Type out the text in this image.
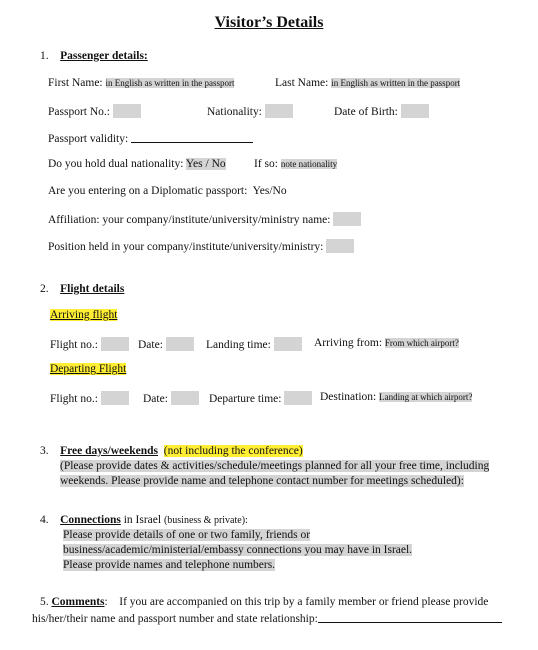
Visitor’s Details
1. Passenger details:
First Name: in English as written in the passport	Last Name: in English as written in the passport
Passport No.:	Nationality:	Date of Birth:
Passport validity:
Do you hold dual nationality: Yes / No If so: note nationality
Are you entering on a Diplomatic passport: Yes/No
Affiliation: your company/institute/university/ministry name:
Position held in your company/institute/university/ministry:
2. Flight details
Arriving flight
Flight no.:	Date:	Landing time:	Arriving from: From which airport?
Departing Flight
Flight no.:	Date:	Departure time:	Destination: Landing at which airport?
3. Free days/weekends (not including the conference)
(Please provide dates & activities/schedule/meetings planned for all your free time, including
weekends. Please provide name and telephone contact number for meetings scheduled):
4. Connections in Israel (business & private):
Please provide details of one or two family, friends or
business/academic/ministerial/embassy connections you may have in Israel.
Please provide names and telephone numbers.
5. Comments: If you are accompanied on this trip by a family member or friend please provide
his/her/their name and passport number and state relationship:
